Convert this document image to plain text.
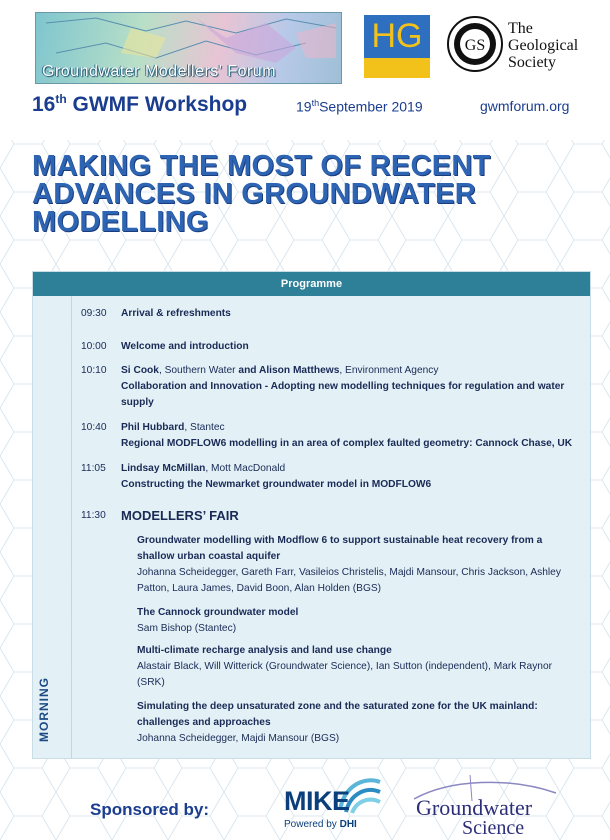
Groundwater Modellers' Forum
HG	GS
The
Geological
Society
16th GWMF Workshop	19thSeptember 2019	gwmforum.org
MAKING THE MOST OF RECENT
ADVANCES IN GROUNDWATER
MODELLING
Programme
MORNING
09:30	Arrival & refreshments
10:00	Welcome and introduction
10:10	Si Cook, Southern Water and Alison Matthews, Environment Agency
Collaboration and Innovation - Adopting new modelling techniques for regulation and water supply
10:40	Phil Hubbard, Stantec
Regional MODFLOW6 modelling in an area of complex faulted geometry: Cannock Chase, UK
11:05	Lindsay McMillan, Mott MacDonald
Constructing the Newmarket groundwater model in MODFLOW6
11:30	MODELLERS’ FAIR
Groundwater modelling with Modflow 6 to support sustainable heat recovery from a shallow urban coastal aquifer
Johanna Scheidegger, Gareth Farr, Vasileios Christelis, Majdi Mansour, Chris Jackson, Ashley Patton, Laura James, David Boon, Alan Holden (BGS)
The Cannock groundwater model
Sam Bishop (Stantec)
Multi-climate recharge analysis and land use change
Alastair Black, Will Witterick (Groundwater Science), Ian Sutton (independent), Mark Raynor (SRK)
Simulating the deep unsaturated zone and the saturated zone for the UK mainland: challenges and approaches
Johanna Scheidegger, Majdi Mansour (BGS)
Sponsored by:	MIKE
Powered by DHI
Groundwater
Science
